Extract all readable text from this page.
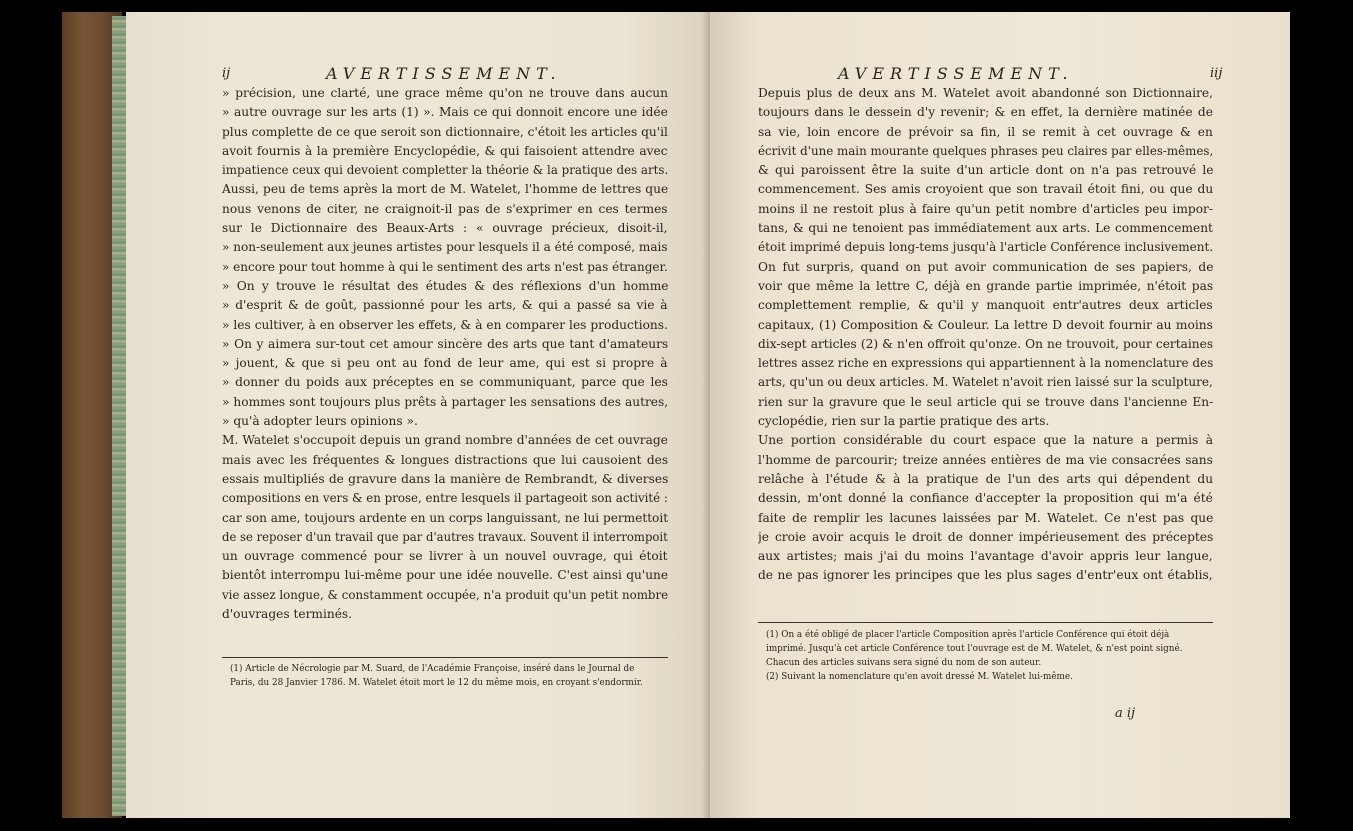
ij	AVERTISSEMENT.
» précision, une clarté, une grace même qu'on ne trouve dans aucun
» autre ouvrage sur les arts (1) ». Mais ce qui donnoit encore une idée
plus complette de ce que seroit son dictionnaire, c'étoit les articles qu'il
avoit fournis à la première Encyclopédie, & qui faisoient attendre avec
impatience ceux qui devoient completter la théorie & la pratique des arts.
Aussi, peu de tems après la mort de M. Watelet, l'homme de lettres que
nous venons de citer, ne craignoit-il pas de s'exprimer en ces termes
sur le Dictionnaire des Beaux-Arts : « ouvrage précieux, disoit-il,
» non-seulement aux jeunes artistes pour lesquels il a été composé, mais
» encore pour tout homme à qui le sentiment des arts n'est pas étranger.
» On y trouve le résultat des études & des réflexions d'un homme
» d'esprit & de goût, passionné pour les arts, & qui a passé sa vie à
» les cultiver, à en observer les effets, & à en comparer les productions.
» On y aimera sur-tout cet amour sincère des arts que tant d'amateurs
» jouent, & que si peu ont au fond de leur ame, qui est si propre à
» donner du poids aux préceptes en se communiquant, parce que les
» hommes sont toujours plus prêts à partager les sensations des autres,
» qu'à adopter leurs opinions ».
M. Watelet s'occupoit depuis un grand nombre d'années de cet ouvrage
mais avec les fréquentes & longues distractions que lui causoient des
essais multipliés de gravure dans la manière de Rembrandt, & diverses
compositions en vers & en prose, entre lesquels il partageoit son activité :
car son ame, toujours ardente en un corps languissant, ne lui permettoit
de se reposer d'un travail que par d'autres travaux. Souvent il interrompoit
un ouvrage commencé pour se livrer à un nouvel ouvrage, qui étoit
bientôt interrompu lui-même pour une idée nouvelle. C'est ainsi qu'une
vie assez longue, & constamment occupée, n'a produit qu'un petit nombre
d'ouvrages terminés.
(1) Article de Nécrologie par M. Suard, de l'Académie Françoise, inséré dans le Journal de
Paris, du 28 Janvier 1786. M. Watelet étoit mort le 12 du même mois, en croyant s'endormir.
AVERTISSEMENT.	iij
Depuis plus de deux ans M. Watelet avoit abandonné son Dictionnaire,
toujours dans le dessein d'y revenir; & en effet, la dernière matinée de
sa vie, loin encore de prévoir sa fin, il se remit à cet ouvrage & en
écrivit d'une main mourante quelques phrases peu claires par elles-mêmes,
& qui paroissent être la suite d'un article dont on n'a pas retrouvé le
commencement. Ses amis croyoient que son travail étoit fini, ou que du
moins il ne restoit plus à faire qu'un petit nombre d'articles peu impor-
tans, & qui ne tenoient pas immédiatement aux arts. Le commencement
étoit imprimé depuis long-tems jusqu'à l'article Conférence inclusivement.
On fut surpris, quand on put avoir communication de ses papiers, de
voir que même la lettre C, déjà en grande partie imprimée, n'étoit pas
complettement remplie, & qu'il y manquoit entr'autres deux articles
capitaux, (1) Composition & Couleur. La lettre D devoit fournir au moins
dix-sept articles (2) & n'en offroit qu'onze. On ne trouvoit, pour certaines
lettres assez riche en expressions qui appartiennent à la nomenclature des
arts, qu'un ou deux articles. M. Watelet n'avoit rien laissé sur la sculpture,
rien sur la gravure que le seul article qui se trouve dans l'ancienne En-
cyclopédie, rien sur la partie pratique des arts.
Une portion considérable du court espace que la nature a permis à
l'homme de parcourir; treize années entières de ma vie consacrées sans
relâche à l'étude & à la pratique de l'un des arts qui dépendent du
dessin, m'ont donné la confiance d'accepter la proposition qui m'a été
faite de remplir les lacunes laissées par M. Watelet. Ce n'est pas que
je croie avoir acquis le droit de donner impérieusement des préceptes
aux artistes; mais j'ai du moins l'avantage d'avoir appris leur langue,
de ne pas ignorer les principes que les plus sages d'entr'eux ont établis,
(1) On a été obligé de placer l'article Composition après l'article Conférence qui étoit déjà
imprimé. Jusqu'à cet article Conférence tout l'ouvrage est de M. Watelet, & n'est point signé.
Chacun des articles suivans sera signé du nom de son auteur.
(2) Suivant la nomenclature qu'en avoit dressé M. Watelet lui-même.
a ij
